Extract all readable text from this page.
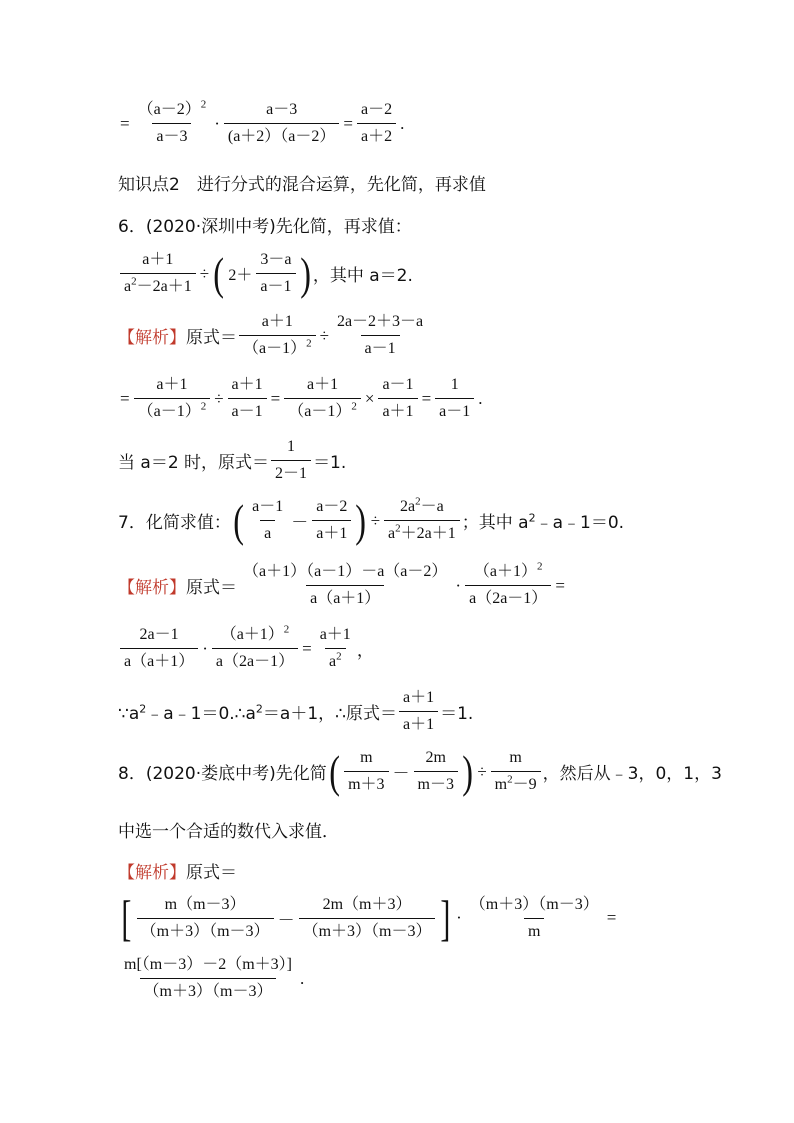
= $\frac{(a-2)^2}{a-3} \cdot \frac{a-3}{(a+2)(a-2)} = \frac{a-2}{a+2}$ .
知识点2　进行分式的混合运算，先化简，再求值
6．(2020·深圳中考)先化简，再求值：
$\frac{a+1}{a^2-2a+1}$ ÷ ( $2+ \frac{3-a}{a-1}$ ) ，其中 a＝2.
【解析】 原式＝ $\frac{a+1}{(a-1)^2} \div \frac{2a-2+3-a}{a-1}$
= $\frac{a+1}{(a-1)^2} \div \frac{a+1}{a-1} = \frac{a+1}{(a-1)^2} \times \frac{a-1}{a+1} = \frac{1}{a-1}$ .
当 a＝2 时，原式＝ $\frac{1}{2-1} =1$.
7．化简求值： ( $\frac{a-1}{a} - \frac{a-2}{a+1}$ ) ÷ $\frac{2a^2-a}{a^2+2a+1}$ ；其中 $a^2﹣a﹣1=0$.
【解析】 原式＝ $\frac{(a+1)(a-1)-a(a-2)}{a(a+1)} \cdot \frac{(a+1)^2}{a(2a-1)}$ =
$\frac{2a-1}{a(a+1)} \cdot \frac{(a+1)^2}{a(2a-1)} = \frac{a+1}{a^2}$ ，
$\because a^2﹣a﹣1=0.\therefore a^2=a+1$，∴原式＝ $\frac{a+1}{a+1} =1$.
8．(2020·娄底中考)先化简 ( $\frac{m}{m+3} - \frac{2m}{m-3}$ ) ÷ $\frac{m}{m^2-9}$ ，然后从﹣3，0，1，3
中选一个合适的数代入求值．
【解析】 原式＝
[ $\frac{m(m-3)}{(m+3)(m-3)} - \frac{2m(m+3)}{(m+3)(m-3)}$ ] · $\frac{(m+3)(m-3)}{m}$ =
$\frac{m[(m-3)-2(m+3)]}{(m+3)(m-3)}$ .
